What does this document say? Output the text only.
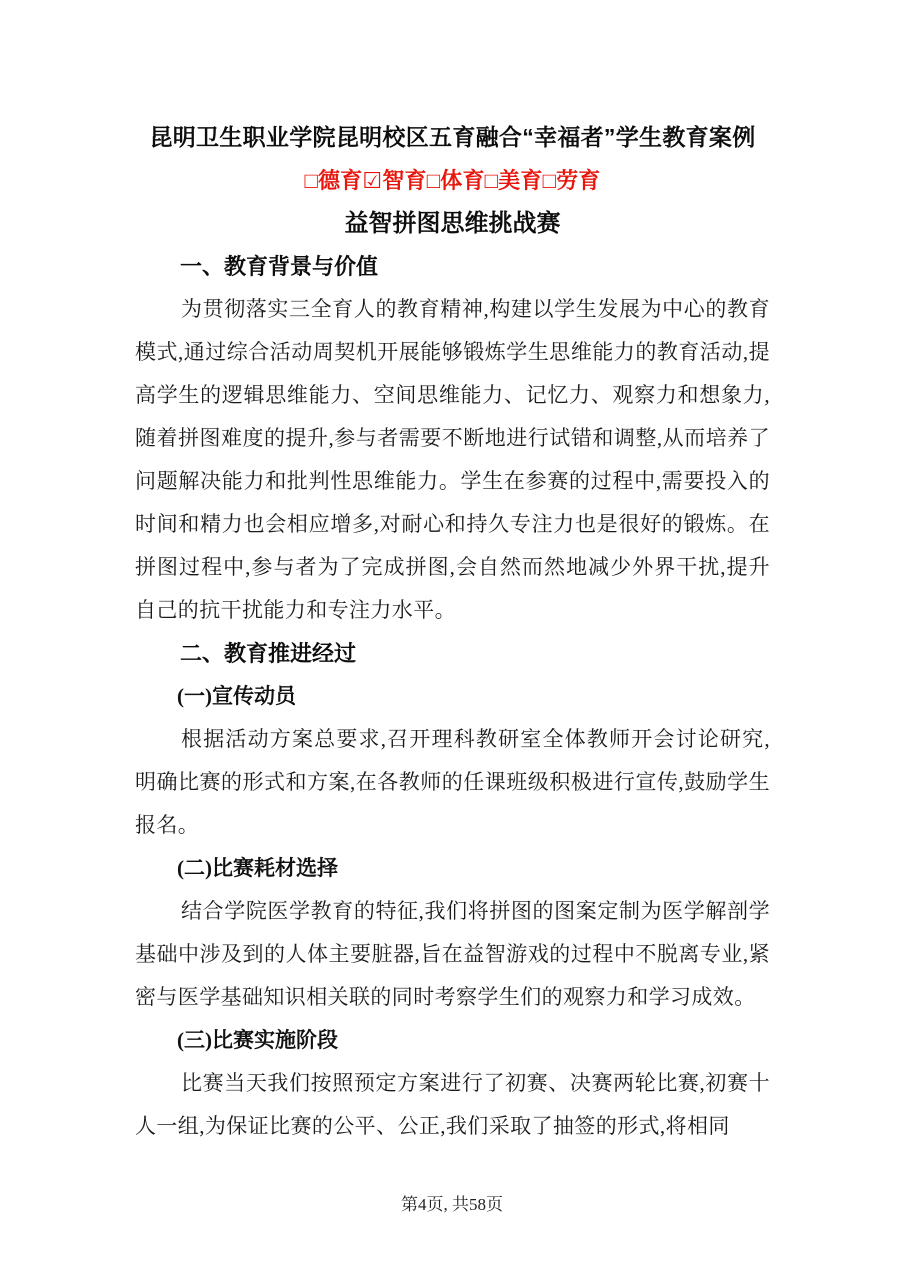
昆明卫生职业学院昆明校区五育融合“幸福者”学生教育案例
□德育☑智育□体育□美育□劳育
益智拼图思维挑战赛
一、教育背景与价值

为贯彻落实三全育人的教育精神,构建以学生发展为中心的教育模式,通过综合活动周契机开展能够锻炼学生思维能力的教育活动,提高学生的逻辑思维能力、空间思维能力、记忆力、观察力和想象力,随着拼图难度的提升,参与者需要不断地进行试错和调整,从而培养了问题解决能力和批判性思维能力。学生在参赛的过程中,需要投入的时间和精力也会相应增多,对耐心和持久专注力也是很好的锻炼。在拼图过程中,参与者为了完成拼图,会自然而然地减少外界干扰,提升自己的抗干扰能力和专注力水平。

二、教育推进经过
(一)宣传动员

根据活动方案总要求,召开理科教研室全体教师开会讨论研究,明确比赛的形式和方案,在各教师的任课班级积极进行宣传,鼓励学生报名。

(二)比赛耗材选择

结合学院医学教育的特征,我们将拼图的图案定制为医学解剖学基础中涉及到的人体主要脏器,旨在益智游戏的过程中不脱离专业,紧密与医学基础知识相关联的同时考察学生们的观察力和学习成效。

(三)比赛实施阶段

比赛当天我们按照预定方案进行了初赛、决赛两轮比赛,初赛十人一组,为保证比赛的公平、公正,我们采取了抽签的形式,将相同

第4页, 共58页
